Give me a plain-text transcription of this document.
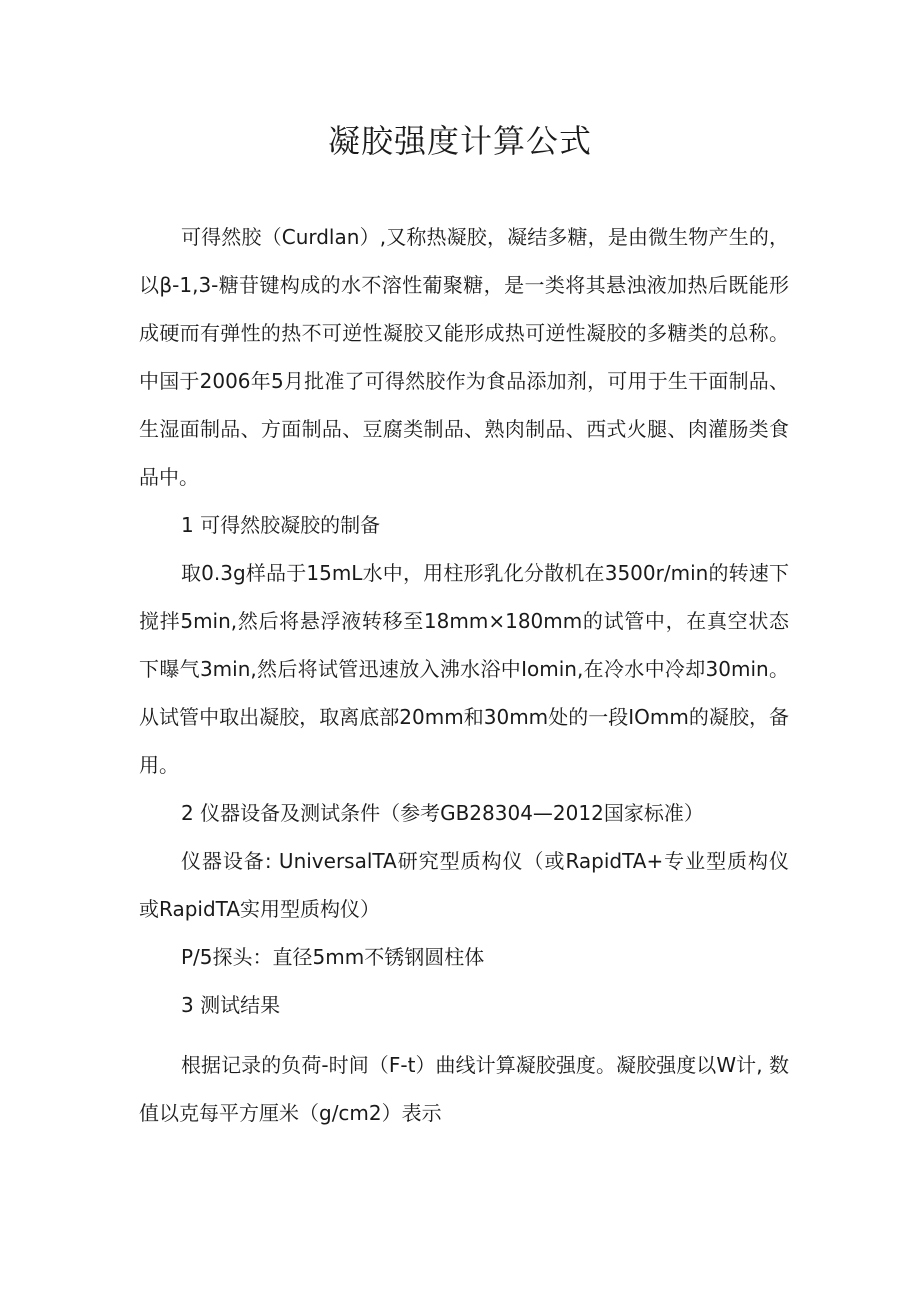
凝胶强度计算公式

可得然胶（Curdlan）,又称热凝胶，凝结多糖，是由微生物产生的，以β-1,3-糖苷键构成的水不溶性葡聚糖，是一类将其悬浊液加热后既能形成硬而有弹性的热不可逆性凝胶又能形成热可逆性凝胶的多糖类的总称。中国于2006年5月批准了可得然胶作为食品添加剂，可用于生干面制品、生湿面制品、方面制品、豆腐类制品、熟肉制品、西式火腿、肉灌肠类食品中。

1 可得然胶凝胶的制备

取0.3g样品于15mL水中，用柱形乳化分散机在3500r/min的转速下搅拌5min,然后将悬浮液转移至18mm×180mm的试管中，在真空状态下曝气3min,然后将试管迅速放入沸水浴中Iomin,在冷水中冷却30min。从试管中取出凝胶，取离底部20mm和30mm处的一段IOmm的凝胶，备用。

2 仪器设备及测试条件（参考GB28304—2012国家标准）

仪器设备: UniversalTA研究型质构仪（或RapidTA+专业型质构仪或RapidTA实用型质构仪）

P/5探头：直径5mm不锈钢圆柱体

3 测试结果

根据记录的负荷-时间（F-t）曲线计算凝胶强度。凝胶强度以W计, 数值以克每平方厘米（g/cm2）表示
